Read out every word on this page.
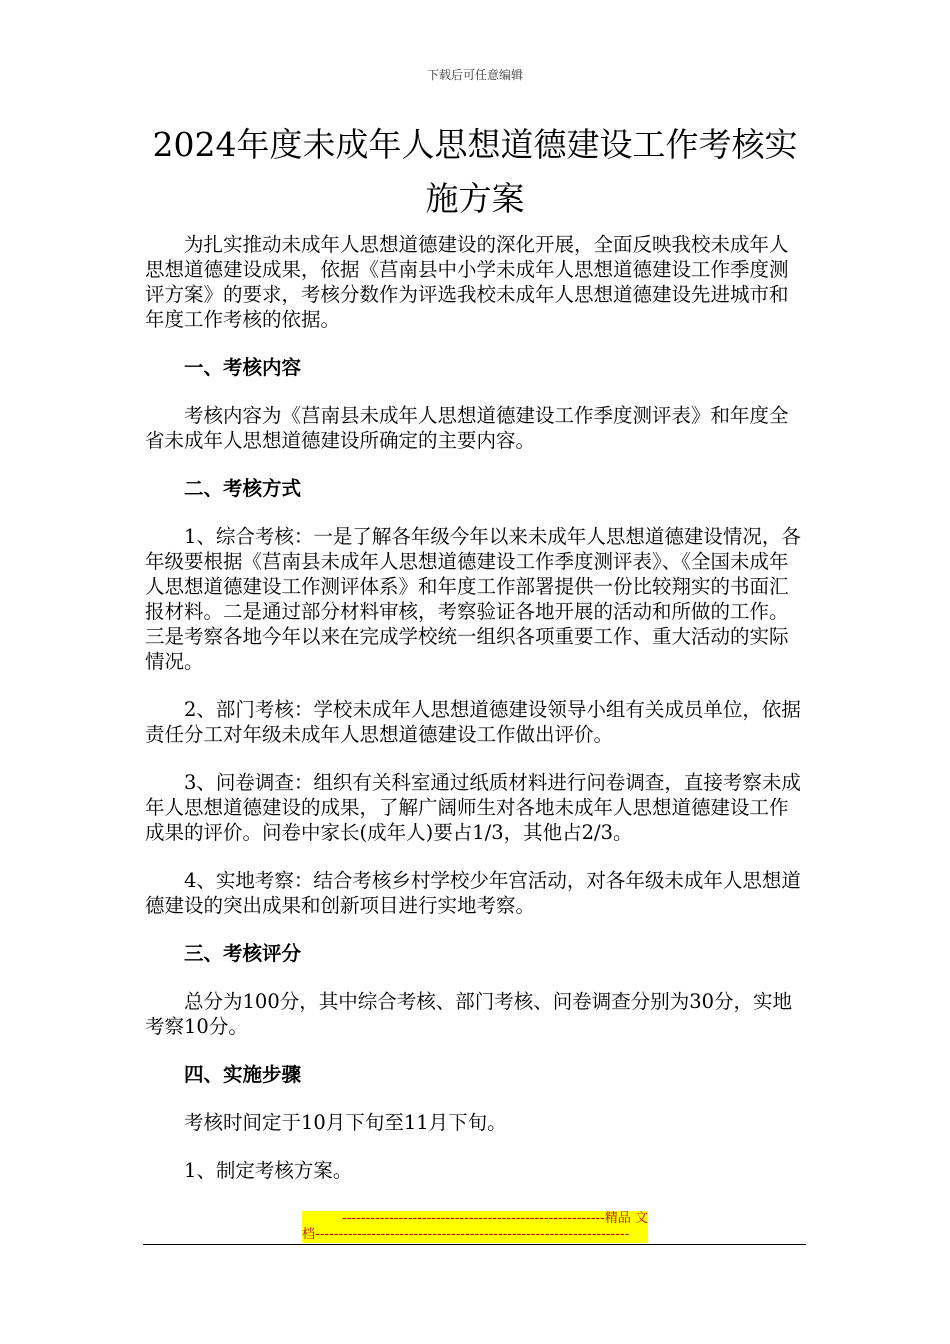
下载后可任意编辑
2024年度未成年人思想道德建设工作考核实施方案

为扎实推动未成年人思想道德建设的深化开展，全面反映我校未成年人思想道德建设成果，依据《莒南县中小学未成年人思想道德建设工作季度测评方案》的要求，考核分数作为评选我校未成年人思想道德建设先进城市和年度工作考核的依据。

一、考核内容

考核内容为《莒南县未成年人思想道德建设工作季度测评表》和年度全省未成年人思想道德建设所确定的主要内容。

二、考核方式

1、综合考核：一是了解各年级今年以来未成年人思想道德建设情况，各年级要根据《莒南县未成年人思想道德建设工作季度测评表》、《全国未成年人思想道德建设工作测评体系》和年度工作部署提供一份比较翔实的书面汇报材料。二是通过部分材料审核，考察验证各地开展的活动和所做的工作。三是考察各地今年以来在完成学校统一组织各项重要工作、重大活动的实际情况。

2、部门考核：学校未成年人思想道德建设领导小组有关成员单位，依据责任分工对年级未成年人思想道德建设工作做出评价。

3、问卷调查：组织有关科室通过纸质材料进行问卷调查，直接考察未成年人思想道德建设的成果，了解广阔师生对各地未成年人思想道德建设工作成果的评价。问卷中家长(成年人)要占1/3，其他占2/3。

4、实地考察：结合考核乡村学校少年宫活动，对各年级未成年人思想道德建设的突出成果和创新项目进行实地考察。

三、考核评分

总分为100分，其中综合考核、部门考核、问卷调查分别为30分，实地考察10分。

四、实施步骤

考核时间定于10月下旬至11月下旬。

1、制定考核方案。

--------------------------------------------------------精品 文
档-------------------------------------------------------------------
